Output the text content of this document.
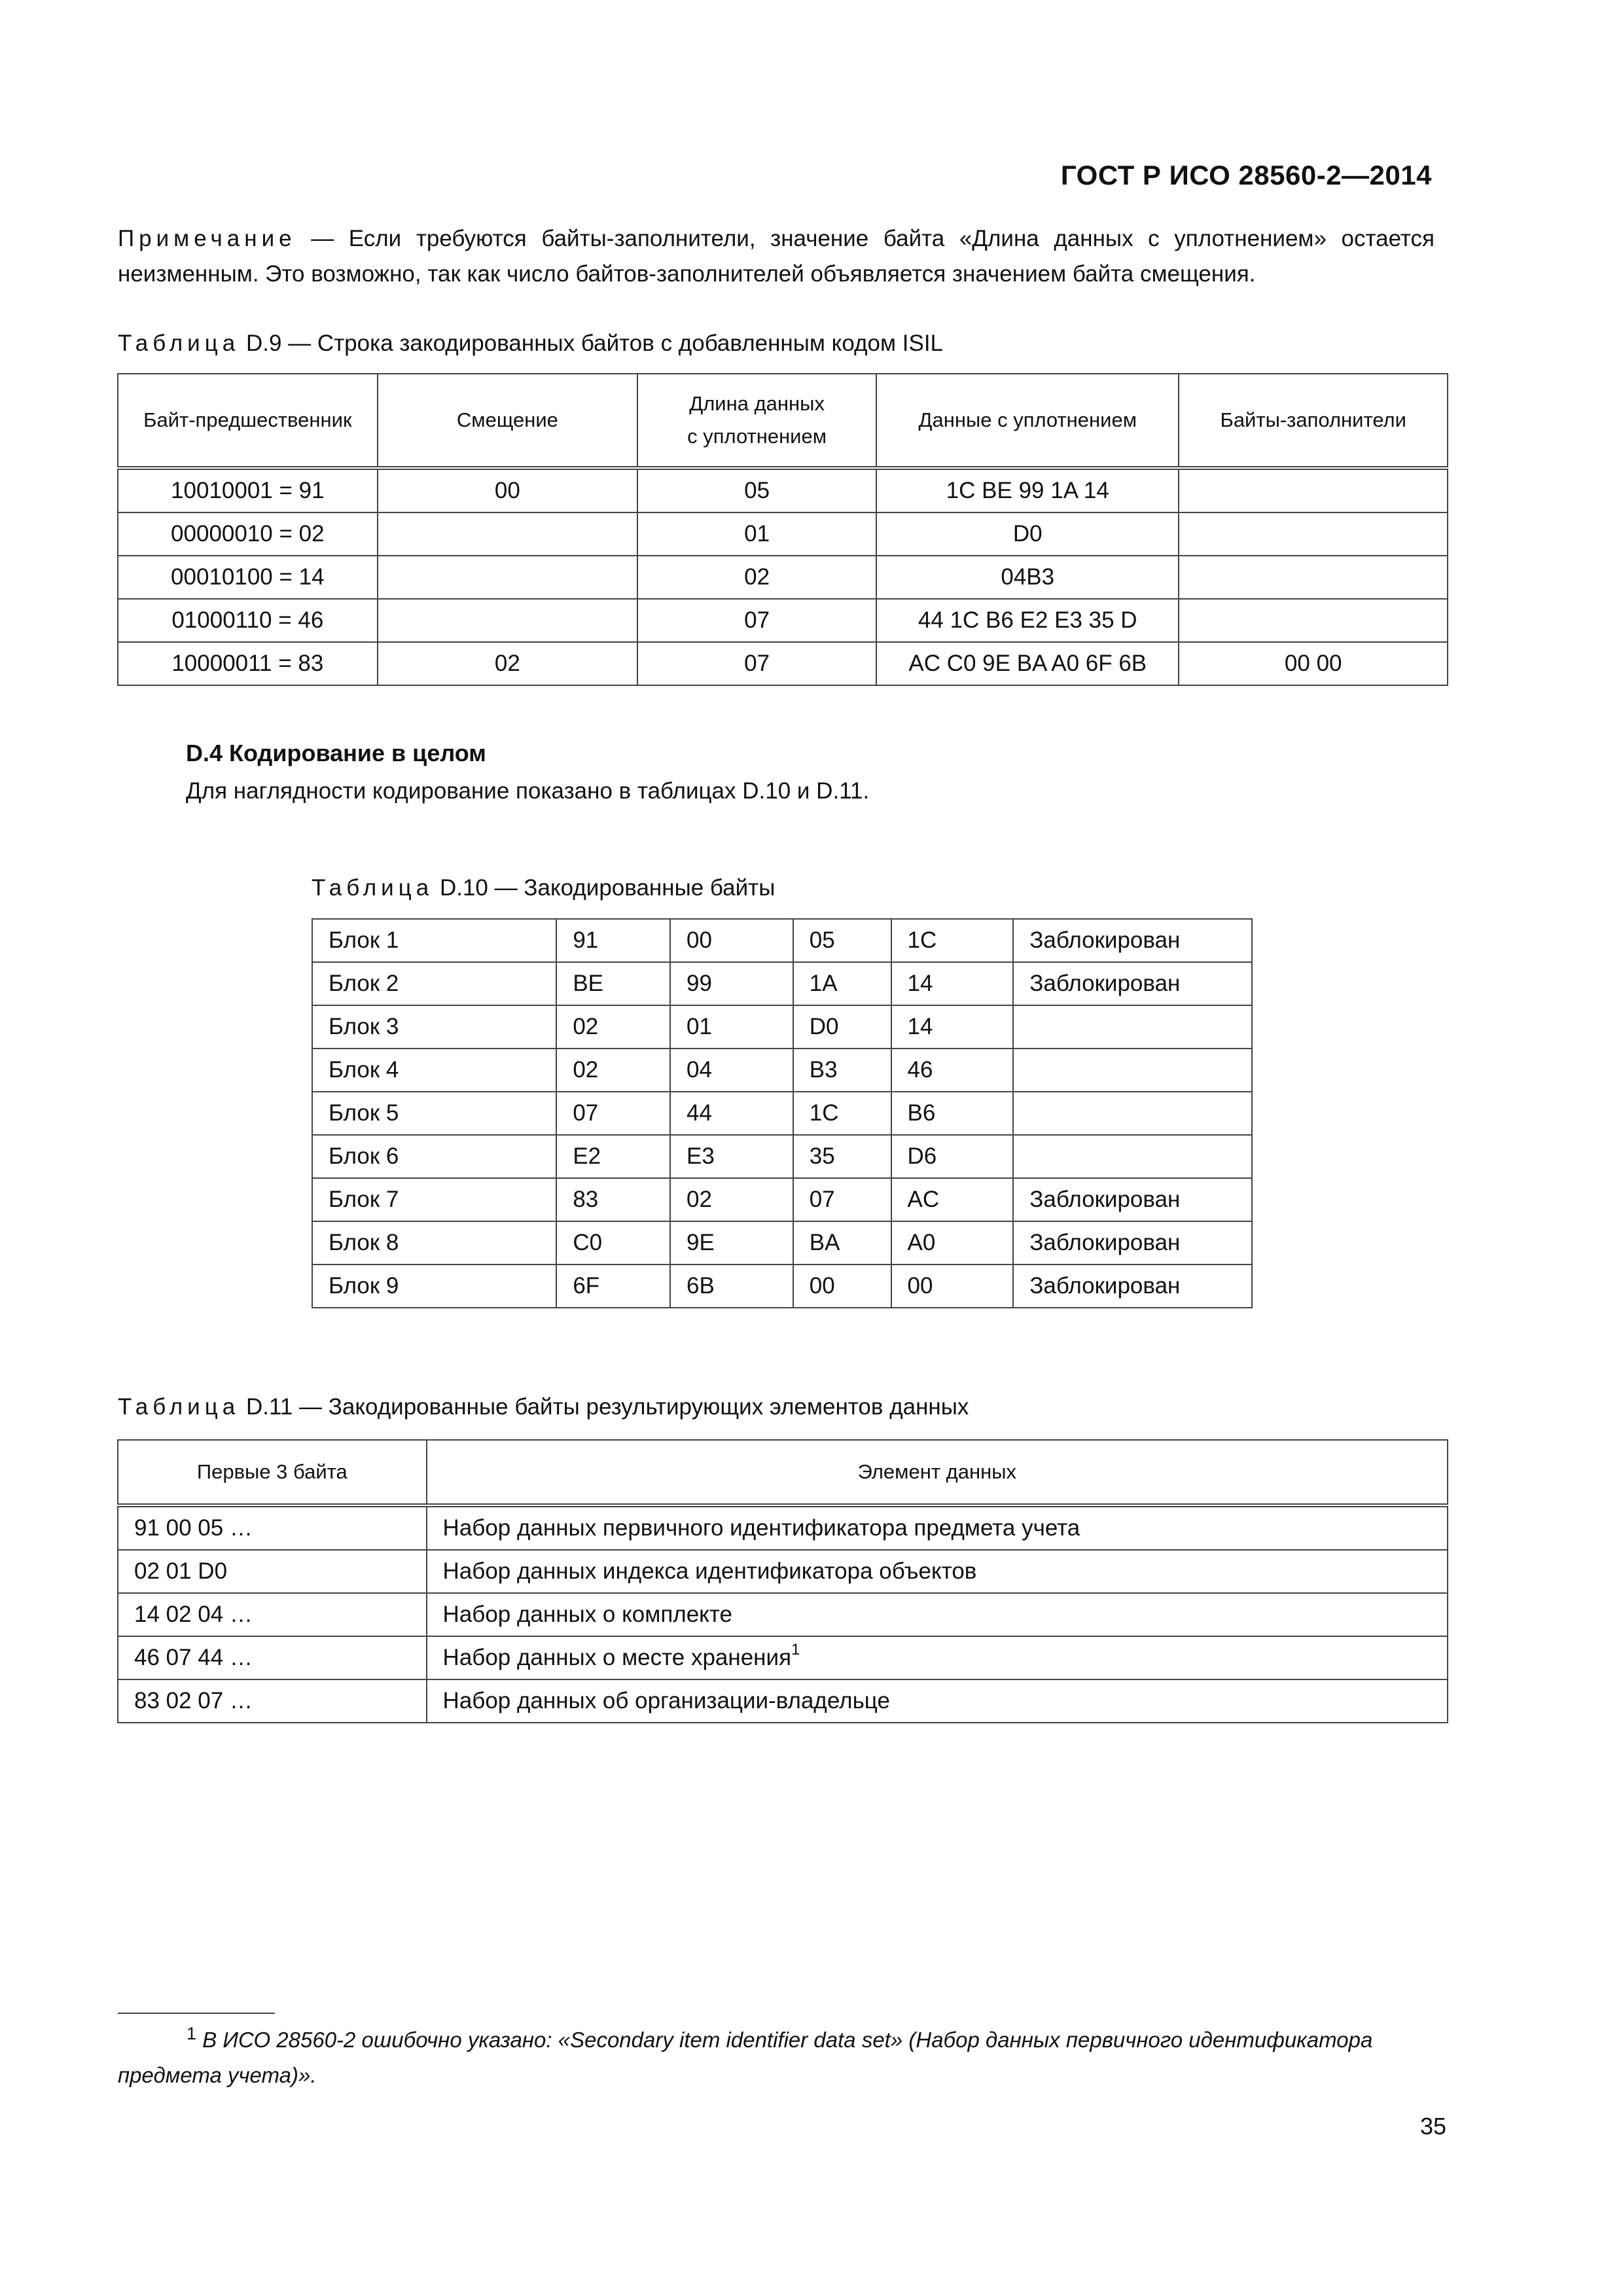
ГОСТ Р ИСО 28560-2—2014
Примечание — Если требуются байты-заполнители, значение байта «Длина данных с уплотнением» остается неизменным. Это возможно, так как число байтов-заполнителей объявляется значением байта смещения.
Таблица D.9 — Строка закодированных байтов с добавленным кодом ISIL
Байт-предшественник	Смещение	Длина данных с уплотнением	Данные с уплотнением	Байты-заполнители
10010001 = 91	00	05	1C BE 99 1A 14	
00000010 = 02		01	D0	
00010100 = 14		02	04B3	
01000110 = 46		07	44 1C B6 E2 E3 35 D	
10000011 = 83	02	07	AC C0 9E BA A0 6F 6B	00 00
D.4 Кодирование в целом
Для наглядности кодирование показано в таблицах D.10 и D.11.
Таблица D.10 — Закодированные байты
Блок 1	91	00	05	1C	Заблокирован
Блок 2	BE	99	1A	14	Заблокирован
Блок 3	02	01	D0	14	
Блок 4	02	04	B3	46	
Блок 5	07	44	1C	B6	
Блок 6	E2	E3	35	D6	
Блок 7	83	02	07	AC	Заблокирован
Блок 8	C0	9E	BA	A0	Заблокирован
Блок 9	6F	6B	00	00	Заблокирован
Таблица D.11 — Закодированные байты результирующих элементов данных
Первые 3 байта	Элемент данных
91 00 05 …	Набор данных первичного идентификатора предмета учета
02 01 D0	Набор данных индекса идентификатора объектов
14 02 04 …	Набор данных о комплекте
46 07 44 …	Набор данных о месте хранения$^1$
83 02 07 …	Набор данных об организации-владельце
$^1$ В ИСО 28560-2 ошибочно указано: «Secondary item identifier data set» (Набор данных первичного идентификатора предмета учета)».
35
